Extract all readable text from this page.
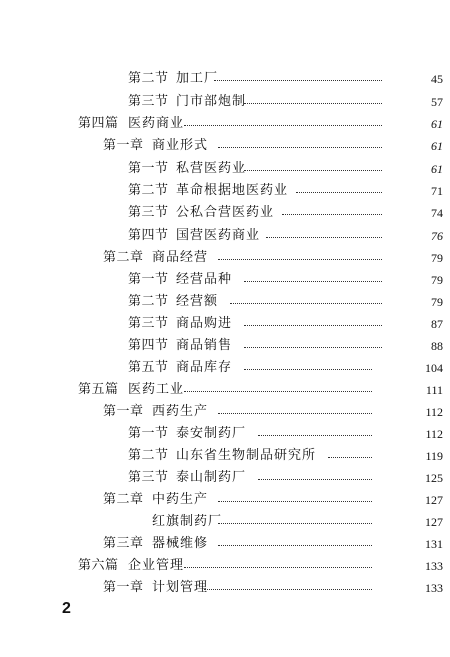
第二节 加工厂	45
第三节 门市部炮制	57
第四篇 医药商业	61
第一章 商业形式	61
第一节 私营医药业	61
第二节 革命根据地医药业	71
第三节 公私合营医药业	74
第四节 国营医药商业	76
第二章 商品经营	79
第一节 经营品种	79
第二节 经营额	79
第三节 商品购进	87
第四节 商品销售	88
第五节 商品库存	104
第五篇 医药工业	111
第一章 西药生产	112
第一节 泰安制药厂	112
第二节 山东省生物制品研究所	119
第三节 泰山制药厂	125
第二章 中药生产	127
红旗制药厂	127
第三章 器械维修	131
第六篇 企业管理	133
第一章 计划管理	133
2
